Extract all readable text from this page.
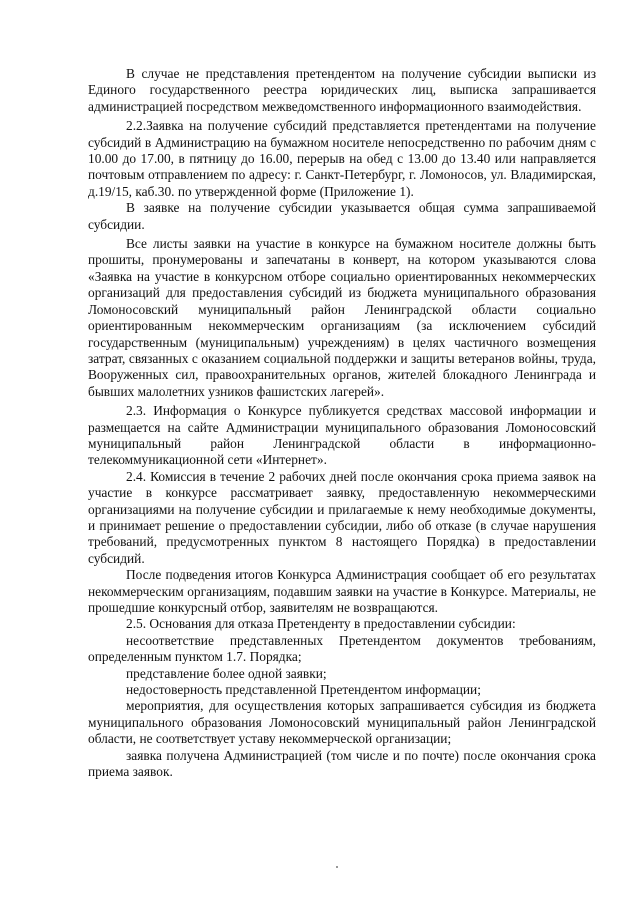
В случае не представления претендентом на получение субсидии выписки из Единого государственного реестра юридических лиц, выписка запрашивается администрацией посредством межведомственного информационного взаимодействия.

2.2.Заявка на получение субсидий представляется претендентами на получение субсидий в Администрацию на бумажном носителе непосредственно по рабочим дням с 10.00 до 17.00, в пятницу до 16.00, перерыв на обед с 13.00 до 13.40 или направляется почтовым отправлением по адресу: г. Санкт-Петербург, г. Ломоносов, ул. Владимирская, д.19/15, каб.30. по утвержденной форме (Приложение 1).

В заявке на получение субсидии указывается общая сумма запрашиваемой субсидии.

Все листы заявки на участие в конкурсе на бумажном носителе должны быть прошиты, пронумерованы и запечатаны в конверт, на котором указываются слова «Заявка на участие в конкурсном отборе социально ориентированных некоммерческих организаций для предоставления субсидий из бюджета муниципального образования Ломоносовский муниципальный район Ленинградской области социально ориентированным некоммерческим организациям (за исключением субсидий государственным (муниципальным) учреждениям) в целях частичного возмещения затрат, связанных с оказанием социальной поддержки и защиты ветеранов войны, труда, Вооруженных сил, правоохранительных органов, жителей блокадного Ленинграда и бывших малолетних узников фашистских лагерей».

2.3. Информация о Конкурсе публикуется средствах массовой информации и размещается на сайте Администрации муниципального образования Ломоносовский муниципальный район Ленинградской области в информационно-телекоммуникационной сети «Интернет».

2.4. Комиссия в течение 2 рабочих дней после окончания срока приема заявок на участие в конкурсе рассматривает заявку, предоставленную некоммерческими организациями на получение субсидии и прилагаемые к нему необходимые документы, и принимает решение о предоставлении субсидии, либо об отказе (в случае нарушения требований, предусмотренных пунктом 8 настоящего Порядка) в предоставлении субсидий.

После подведения итогов Конкурса Администрация сообщает об его результатах некоммерческим организациям, подавшим заявки на участие в Конкурсе. Материалы, не прошедшие конкурсный отбор, заявителям не возвращаются.

2.5. Основания для отказа Претенденту в предоставлении субсидии:

несоответствие представленных Претендентом документов требованиям, определенным пунктом 1.7. Порядка;

представление более одной заявки;

недостоверность представленной Претендентом информации;

мероприятия, для осуществления которых запрашивается субсидия из бюджета муниципального образования Ломоносовский муниципальный район Ленинградской области, не соответствует уставу некоммерческой организации;

заявка получена Администрацией (том числе и по почте) после окончания срока приема заявок.
